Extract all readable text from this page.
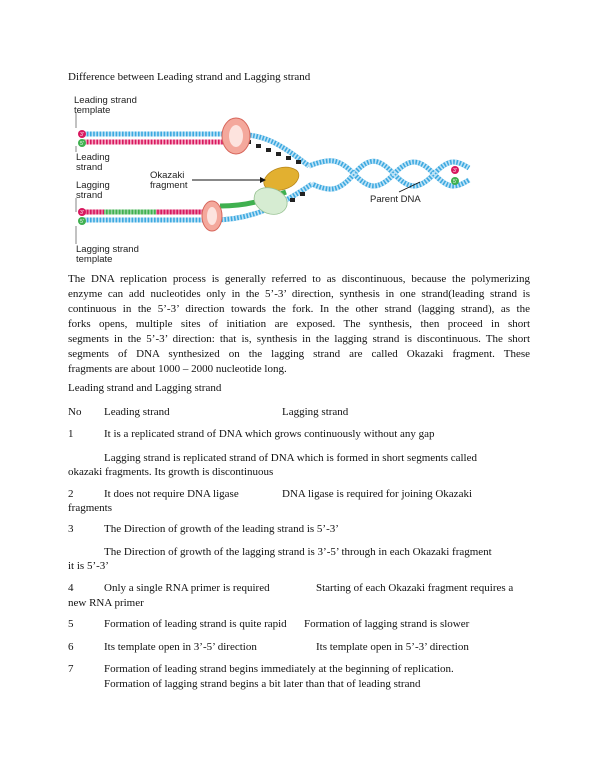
Difference between Leading strand and Lagging strand
Leading strand template
Leading strand
Lagging strand
Lagging strand template
Okazaki fragment
Parent DNA
3'
5'
3'
5'
3'
5'
The DNA replication process is generally referred to as discontinuous, because the polymerizing
enzyme can add nucleotides only in the 5’-3’ direction, synthesis in one strand(leading strand is
continuous in the 5’-3’ direction towards the fork. In the other strand (lagging strand), as the
forks opens, multiple sites of initiation are exposed. The synthesis, then proceed in short
segments in the 5’-3’ direction: that is, synthesis in the lagging strand is discontinuous. The short
segments of DNA synthesized on the lagging strand are called Okazaki fragment. These
fragments are about 1000 – 2000 nucleotide long.
Leading strand and Lagging strand
No Leading strand	Lagging strand
1	It is a replicated strand of DNA which grows continuously without any gap
Lagging strand is replicated strand of DNA which is formed in short segments called
okazaki fragments. Its growth is discontinuous
2	It does not require DNA ligase	DNA ligase is required for joining Okazaki
fragments
3	The Direction of growth of the leading strand is 5’-3’
The Direction of growth of the lagging strand is 3’-5’ through in each Okazaki fragment
it is 5’-3’
4	Only a single RNA primer is required	Starting of each Okazaki fragment requires a
new RNA primer
5	Formation of leading strand is quite rapid Formation of lagging strand is slower
6	Its template open in 3’-5’ direction	Its template open in 5’-3’ direction
7	Formation of leading strand begins immediately at the beginning of replication.
Formation of lagging strand begins a bit later than that of leading strand
